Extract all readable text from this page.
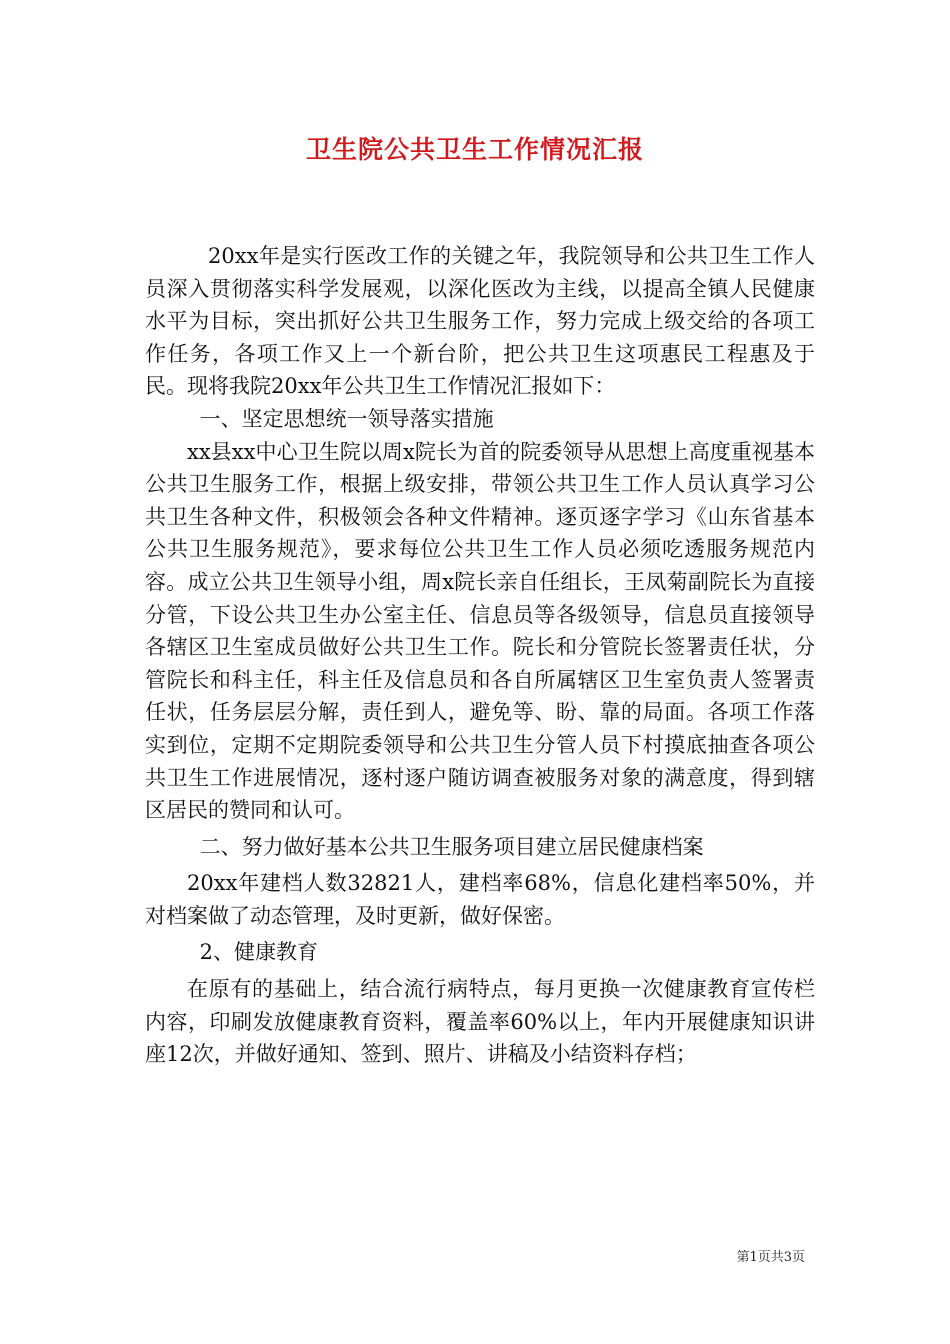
卫生院公共卫生工作情况汇报

20xx年是实行医改工作的关键之年，我院领导和公共卫生工作人员深入贯彻落实科学发展观，以深化医改为主线，以提高全镇人民健康水平为目标，突出抓好公共卫生服务工作，努力完成上级交给的各项工作任务，各项工作又上一个新台阶，把公共卫生这项惠民工程惠及于民。现将我院20xx年公共卫生工作情况汇报如下：

一、坚定思想统一领导落实措施

xx县xx中心卫生院以周x院长为首的院委领导从思想上高度重视基本公共卫生服务工作，根据上级安排，带领公共卫生工作人员认真学习公共卫生各种文件，积极领会各种文件精神。逐页逐字学习《山东省基本公共卫生服务规范》，要求每位公共卫生工作人员必须吃透服务规范内容。成立公共卫生领导小组，周x院长亲自任组长，王凤菊副院长为直接分管，下设公共卫生办公室主任、信息员等各级领导，信息员直接领导各辖区卫生室成员做好公共卫生工作。院长和分管院长签署责任状，分管院长和科主任，科主任及信息员和各自所属辖区卫生室负责人签署责任状，任务层层分解，责任到人，避免等、盼、靠的局面。各项工作落实到位，定期不定期院委领导和公共卫生分管人员下村摸底抽查各项公共卫生工作进展情况，逐村逐户随访调查被服务对象的满意度，得到辖区居民的赞同和认可。

二、努力做好基本公共卫生服务项目建立居民健康档案

20xx年建档人数32821人，建档率68%，信息化建档率50%，并对档案做了动态管理，及时更新，做好保密。

2、健康教育

在原有的基础上，结合流行病特点，每月更换一次健康教育宣传栏内容，印刷发放健康教育资料，覆盖率60%以上，年内开展健康知识讲座12次，并做好通知、签到、照片、讲稿及小结资料存档；

第1页共3页
